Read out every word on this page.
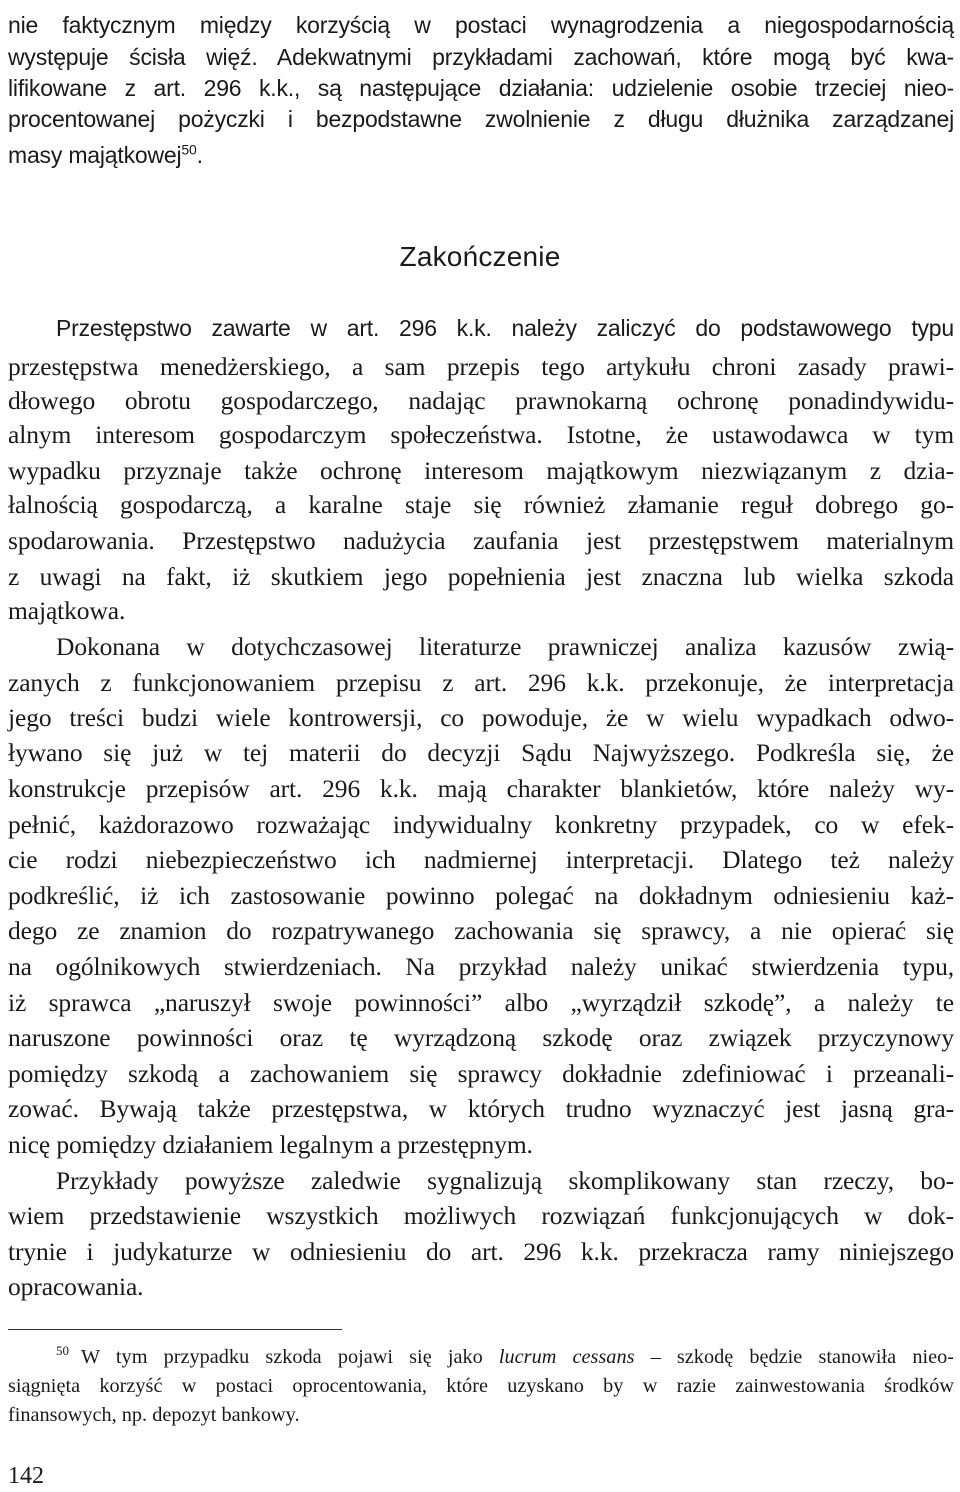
nie faktycznym między korzyścią w postaci wynagrodzenia a niegospodarnością
występuje ścisła więź. Adekwatnymi przykładami zachowań, które mogą być kwa-
lifikowane z art. 296 k.k., są następujące działania: udzielenie osobie trzeciej nieo-
procentowanej pożyczki i bezpodstawne zwolnienie z długu dłużnika zarządzanej
masy majątkowej$^{50}$.
Zakończenie
Przestępstwo zawarte w art. 296 k.k. należy zaliczyć do podstawowego typu
przestępstwa menedżerskiego, a sam przepis tego artykułu chroni zasady prawi-
dłowego obrotu gospodarczego, nadając prawnokarną ochronę ponadindywidu-
alnym interesom gospodarczym społeczeństwa. Istotne, że ustawodawca w tym
wypadku przyznaje także ochronę interesom majątkowym niezwiązanym z dzia-
łalnością gospodarczą, a karalne staje się również złamanie reguł dobrego go-
spodarowania. Przestępstwo nadużycia zaufania jest przestępstwem materialnym
z uwagi na fakt, iż skutkiem jego popełnienia jest znaczna lub wielka szkoda
majątkowa.
Dokonana w dotychczasowej literaturze prawniczej analiza kazusów zwią-
zanych z funkcjonowaniem przepisu z art. 296 k.k. przekonuje, że interpretacja
jego treści budzi wiele kontrowersji, co powoduje, że w wielu wypadkach odwo-
ływano się już w tej materii do decyzji Sądu Najwyższego. Podkreśla się, że
konstrukcje przepisów art. 296 k.k. mają charakter blankietów, które należy wy-
pełnić, każdorazowo rozważając indywidualny konkretny przypadek, co w efek-
cie rodzi niebezpieczeństwo ich nadmiernej interpretacji. Dlatego też należy
podkreślić, iż ich zastosowanie powinno polegać na dokładnym odniesieniu każ-
dego ze znamion do rozpatrywanego zachowania się sprawcy, a nie opierać się
na ogólnikowych stwierdzeniach. Na przykład należy unikać stwierdzenia typu,
iż sprawca „naruszył swoje powinności” albo „wyrządził szkodę”, a należy te
naruszone powinności oraz tę wyrządzoną szkodę oraz związek przyczynowy
pomiędzy szkodą a zachowaniem się sprawcy dokładnie zdefiniować i przeanali-
zować. Bywają także przestępstwa, w których trudno wyznaczyć jest jasną gra-
nicę pomiędzy działaniem legalnym a przestępnym.
Przykłady powyższe zaledwie sygnalizują skomplikowany stan rzeczy, bo-
wiem przedstawienie wszystkich możliwych rozwiązań funkcjonujących w dok-
trynie i judykaturze w odniesieniu do art. 296 k.k. przekracza ramy niniejszego
opracowania.
$^{50}$ W tym przypadku szkoda pojawi się jako lucrum cessans – szkodę będzie stanowiła nieo-
siągnięta korzyść w postaci oprocentowania, które uzyskano by w razie zainwestowania środków
finansowych, np. depozyt bankowy.
142
